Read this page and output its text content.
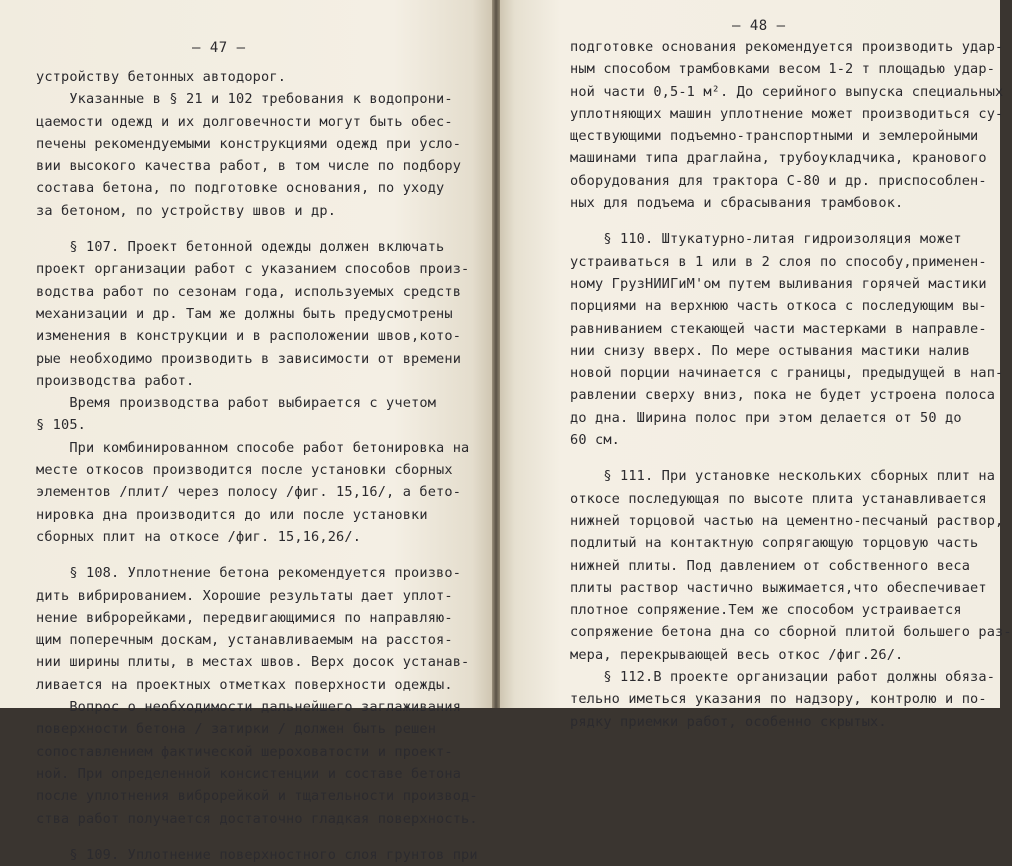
— 47 —
устройству бетонных автодорог.
Указанные в § 21 и 102 требования к водопрони-
цаемости одежд и их долговечности могут быть обес-
печены рекомендуемыми конструкциями одежд при усло-
вии высокого качества работ, в том числе по подбору
состава бетона, по подготовке основания, по уходу
за бетоном, по устройству швов и др.
§ 107. Проект бетонной одежды должен включать
проект организации работ с указанием способов произ-
водства работ по сезонам года, используемых средств
механизации и др. Там же должны быть предусмотрены
изменения в конструкции и в расположении швов,кото-
рые необходимо производить в зависимости от времени
производства работ.
Время производства работ выбирается с учетом
§ 105.
При комбинированном способе работ бетонировка на
месте откосов производится после установки сборных
элементов /плит/ через полосу /фиг. 15,16/, а бето-
нировка дна производится до или после установки
сборных плит на откосе /фиг. 15,16,26/.
§ 108. Уплотнение бетона рекомендуется произво-
дить вибрированием. Хорошие результаты дает уплот-
нение виброрейками, передвигающимися по направляю-
щим поперечным доскам, устанавливаемым на расстоя-
нии ширины плиты, в местах швов. Верх досок устанав-
ливается на проектных отметках поверхности одежды.
Вопрос о необходимости дальнейшего заглаживания
поверхности бетона / затирки / должен быть решен
сопоставлением фактической шероховатости и проект-
ной. При определенной консистенции и составе бетона
после уплотнения виброрейкой и тщательности производ-
ства работ получается достаточно гладкая поверхность.
§ 109. Уплотнение поверхностного слоя грунтов при
— 48 —
подготовке основания рекомендуется производить удар-
ным способом трамбовками весом 1-2 т площадью удар-
ной части 0,5-1 м². До серийного выпуска специальных
уплотняющих машин уплотнение может производиться су-
ществующими подъемно-транспортными и землеройными
машинами типа драглайна, трубоукладчика, кранового
оборудования для трактора С-80 и др. приспособлен-
ных для подъема и сбрасывания трамбовок.
§ 110. Штукатурно-литая гидроизоляция может
устраиваться в 1 или в 2 слоя по способу,применен-
ному ГрузНИИГиМ'ом путем выливания горячей мастики
порциями на верхнюю часть откоса с последующим вы-
равниванием стекающей части мастерками в направле-
нии снизу вверх. По мере остывания мастики налив
новой порции начинается с границы, предыдущей в нап-
равлении сверху вниз, пока не будет устроена полоса
до дна. Ширина полос при этом делается от 50 до
60 см.
§ 111. При установке нескольких сборных плит на
откосе последующая по высоте плита устанавливается
нижней торцовой частью на цементно-песчаный раствор,
подлитый на контактную сопрягающую торцовую часть
нижней плиты. Под давлением от собственного веса
плиты раствор частично выжимается,что обеспечивает
плотное сопряжение.Тем же способом устраивается
сопряжение бетона дна со сборной плитой большего раз-
мера, перекрывающей весь откос /фиг.26/.
§ 112.В проекте организации работ должны обяза-
тельно иметься указания по надзору, контролю и по-
рядку приемки работ, особенно скрытых.
